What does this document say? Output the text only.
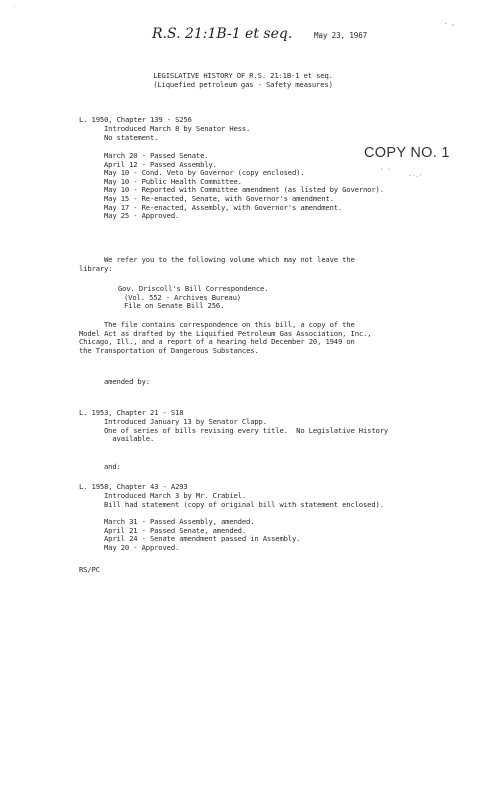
˙
- ,
R.S. 21:1B-1 et seq.	May 23, 1967
LEGISLATIVE HISTORY OF R.S. 21:1B-1 et seq.
(Liquefied petroleum gas - Safety measures)
L. 1950, Chapter 139 - S256
Introduced March 8 by Senator Hess.
No statement.
COPY NO. 1
· ·
-·.·
March 20 - Passed Senate.
April 12 - Passed Assembly.
May 10 - Cond. Veto by Governor (copy enclosed).
May 10 - Public Health Committee.
May 10 - Reported with Committee amendment (as listed by Governor).
May 15 - Re-enacted, Senate, with Governor's amendment.
May 17 - Re-enacted, Assembly, with Governor's amendment.
May 25 - Approved.
We refer you to the following volume which may not leave the
library:
Gov. Driscoll's Bill Correspondence.
(Vol. 552 - Archives Bureau)
File on Senate Bill 256.
The file contains correspondence on this bill, a copy of the
Model Act as drafted by the Liquified Petroleum Gas Association, Inc.,
Chicago, Ill., and a report of a hearing held December 20, 1949 on
the Transportation of Dangerous Substances.
amended by:
L. 1953, Chapter 21 - S18
Introduced January 13 by Senator Clapp.
One of series of bills revising every title.  No Legislative History
available.
and:
L. 1958, Chapter 43 - A293
Introduced March 3 by Mr. Crabiel.
Bill had statement (copy of original bill with statement enclosed).
March 31 - Passed Assembly, amended.
April 21 - Passed Senate, amended.
April 24 - Senate amendment passed in Assembly.
May 20 - Approved.
RS/PC
